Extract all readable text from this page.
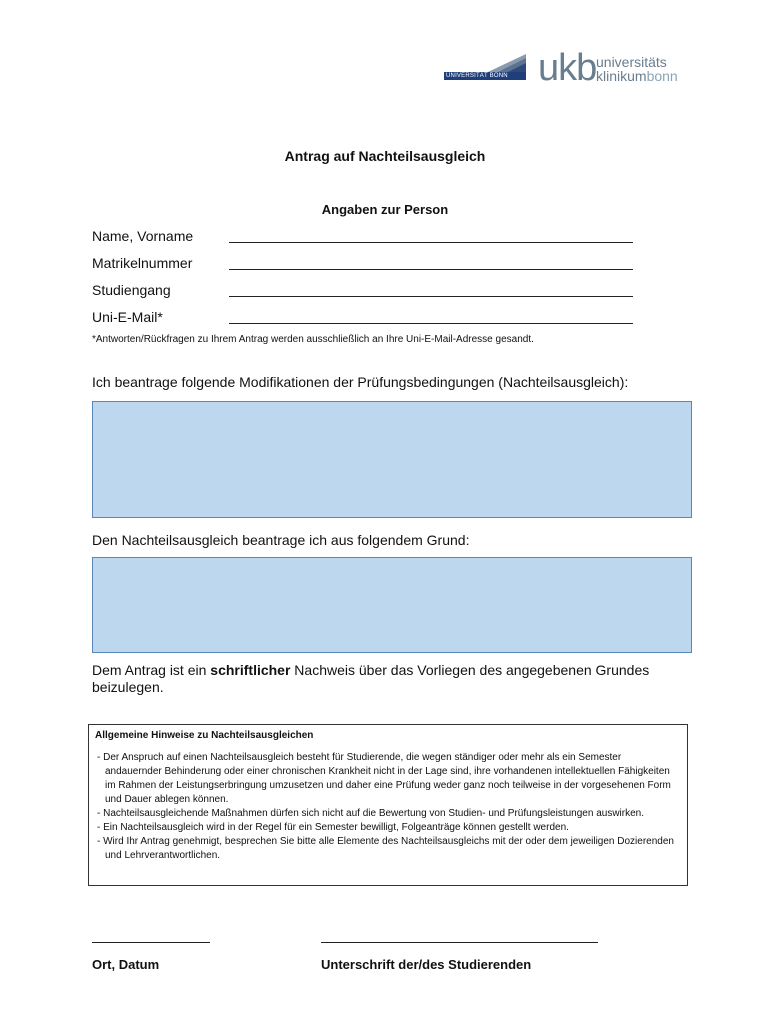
UNIVERSITÄT BONN ukb universitäts
klinikumbonn
Antrag auf Nachteilsausgleich
Angaben zur Person
Name, Vorname
Matrikelnummer
Studiengang
Uni-E-Mail*
*Antworten/Rückfragen zu Ihrem Antrag werden ausschließlich an Ihre Uni-E-Mail-Adresse gesandt.
Ich beantrage folgende Modifikationen der Prüfungsbedingungen (Nachteilsausgleich):
Den Nachteilsausgleich beantrage ich aus folgendem Grund:
Dem Antrag ist ein schriftlicher Nachweis über das Vorliegen des angegebenen Grundes beizulegen.
Allgemeine Hinweise zu Nachteilsausgleichen
- Der Anspruch auf einen Nachteilsausgleich besteht für Studierende, die wegen ständiger oder mehr als ein Semester andauernder Behinderung oder einer chronischen Krankheit nicht in der Lage sind, ihre vorhandenen intellektuellen Fähigkeiten im Rahmen der Leistungserbringung umzusetzen und daher eine Prüfung weder ganz noch teilweise in der vorgesehenen Form und Dauer ablegen können.
- Nachteilsausgleichende Maßnahmen dürfen sich nicht auf die Bewertung von Studien- und Prüfungsleistungen auswirken.
- Ein Nachteilsausgleich wird in der Regel für ein Semester bewilligt, Folgeanträge können gestellt werden.
- Wird Ihr Antrag genehmigt, besprechen Sie bitte alle Elemente des Nachteilsausgleichs mit der oder dem jeweiligen Dozierenden und Lehrverantwortlichen.
Ort, Datum	Unterschrift der/des Studierenden
